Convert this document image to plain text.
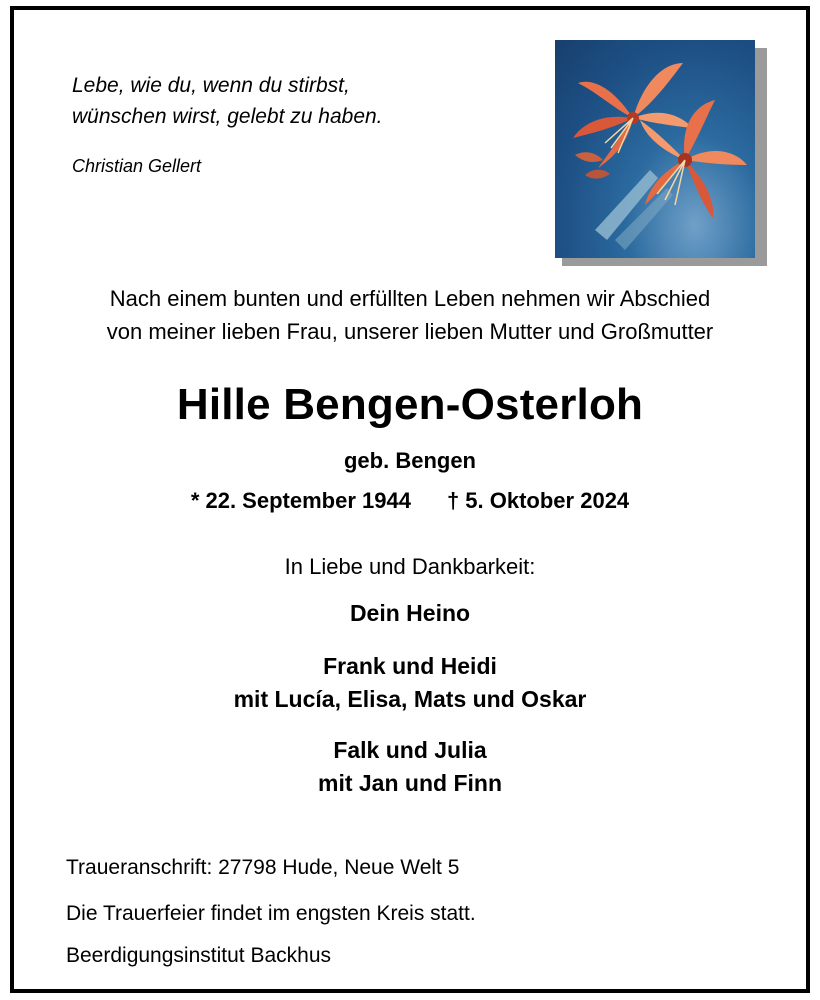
Lebe, wie du, wenn du stirbst,
wünschen wirst, gelebt zu haben.
Christian Gellert
Nach einem bunten und erfüllten Leben nehmen wir Abschied
von meiner lieben Frau, unserer lieben Mutter und Großmutter
Hille Bengen-Osterloh
geb. Bengen
* 22. September 1944 † 5. Oktober 2024
In Liebe und Dankbarkeit:
Dein Heino
Frank und Heidi
mit Lucía, Elisa, Mats und Oskar
Falk und Julia
mit Jan und Finn
Traueranschrift: 27798 Hude, Neue Welt 5
Die Trauerfeier findet im engsten Kreis statt.
Beerdigungsinstitut Backhus
